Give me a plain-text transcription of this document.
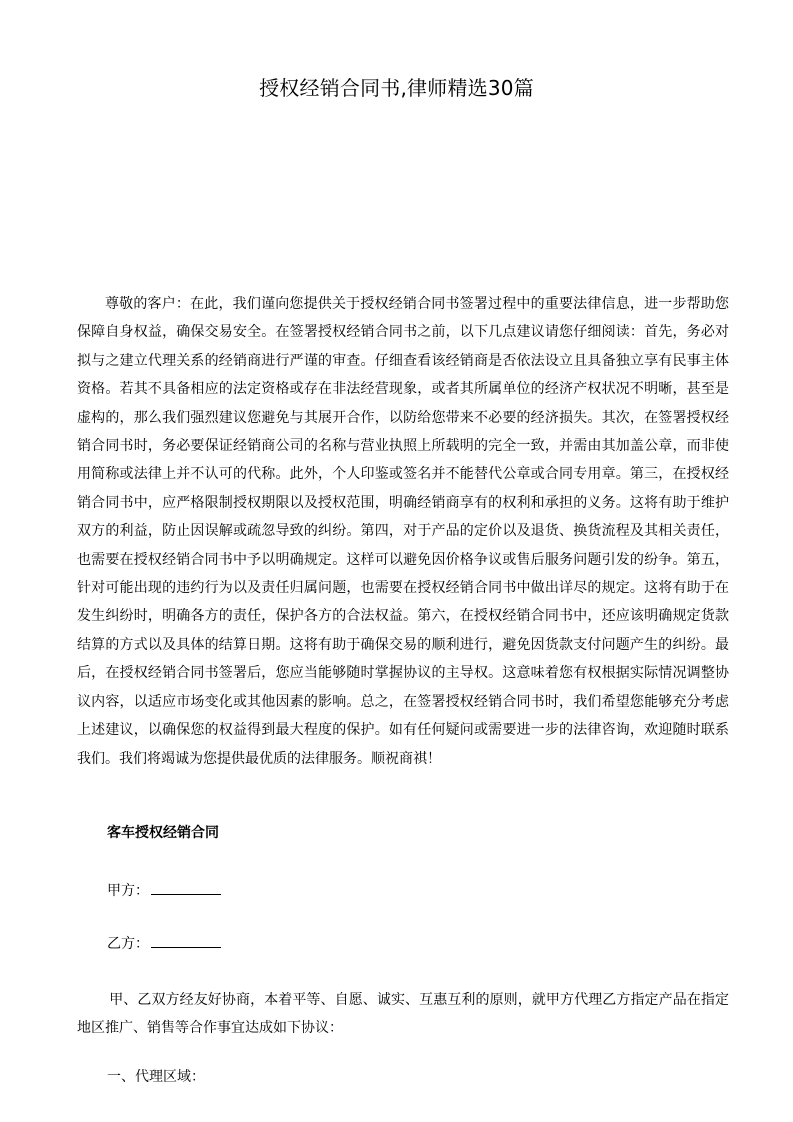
授权经销合同书,律师精选30篇

尊敬的客户：在此，我们谨向您提供关于授权经销合同书签署过程中的重要法律信息，进一步帮助您保障自身权益，确保交易安全。在签署授权经销合同书之前，以下几点建议请您仔细阅读：首先，务必对拟与之建立代理关系的经销商进行严谨的审查。仔细查看该经销商是否依法设立且具备独立享有民事主体资格。若其不具备相应的法定资格或存在非法经营现象，或者其所属单位的经济产权状况不明晰，甚至是虚构的，那么我们强烈建议您避免与其展开合作，以防给您带来不必要的经济损失。其次，在签署授权经销合同书时，务必要保证经销商公司的名称与营业执照上所载明的完全一致，并需由其加盖公章，而非使用简称或法律上并不认可的代称。此外，个人印鉴或签名并不能替代公章或合同专用章。第三，在授权经销合同书中，应严格限制授权期限以及授权范围，明确经销商享有的权利和承担的义务。这将有助于维护双方的利益，防止因误解或疏忽导致的纠纷。第四，对于产品的定价以及退货、换货流程及其相关责任，也需要在授权经销合同书中予以明确规定。这样可以避免因价格争议或售后服务问题引发的纷争。第五，针对可能出现的违约行为以及责任归属问题，也需要在授权经销合同书中做出详尽的规定。这将有助于在发生纠纷时，明确各方的责任，保护各方的合法权益。第六，在授权经销合同书中，还应该明确规定货款结算的方式以及具体的结算日期。这将有助于确保交易的顺利进行，避免因货款支付问题产生的纠纷。最后，在授权经销合同书签署后，您应当能够随时掌握协议的主导权。这意味着您有权根据实际情况调整协议内容，以适应市场变化或其他因素的影响。总之，在签署授权经销合同书时，我们希望您能够充分考虑上述建议，以确保您的权益得到最大程度的保护。如有任何疑问或需要进一步的法律咨询，欢迎随时联系我们。我们将竭诚为您提供最优质的法律服务。顺祝商祺！

客车授权经销合同
甲方：
乙方：

甲、乙双方经友好协商，本着平等、自愿、诚实、互惠互利的原则，就甲方代理乙方指定产品在指定地区推广、销售等合作事宜达成如下协议：

一、代理区域：
